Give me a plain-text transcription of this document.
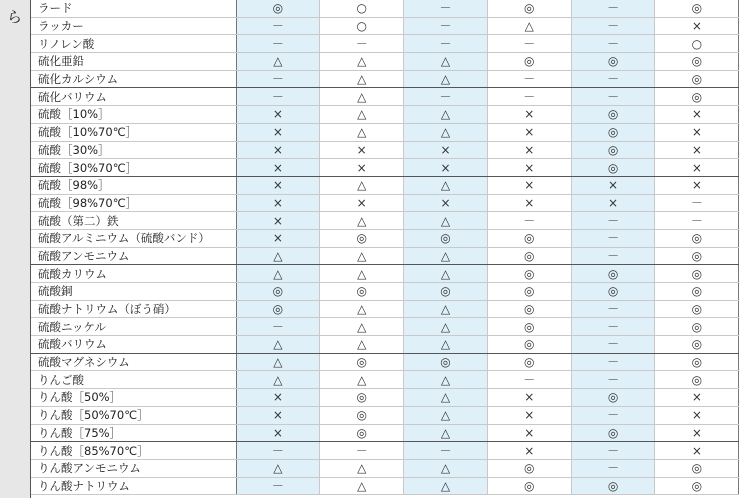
ら ラード	◎	○	－	◎	－	◎
ラッカー	－	○	－	△	－	×
リノレン酸	－	－	－	－	－	○
硫化亜鉛	△	△	△	◎	◎	◎
硫化カルシウム	－	△	△	－	－	◎
硫化バリウム	－	△	－	－	－	◎
硫酸［10%］	×	△	△	×	◎	×
硫酸［10%70℃］	×	△	△	×	◎	×
硫酸［30%］	×	×	×	×	◎	×
硫酸［30%70℃］	×	×	×	×	◎	×
硫酸［98%］	×	△	△	×	×	×
硫酸［98%70℃］	×	×	×	×	×	－
硫酸（第二）鉄	×	△	△	－	－	－
硫酸アルミニウム（硫酸バンド）	×	◎	◎	◎	－	◎
硫酸アンモニウム	△	△	△	◎	－	◎
硫酸カリウム	△	△	△	◎	◎	◎
硫酸銅	◎	◎	◎	◎	◎	◎
硫酸ナトリウム（ぼう硝）	◎	△	△	◎	－	◎
硫酸ニッケル	－	△	△	◎	－	◎
硫酸バリウム	△	△	△	◎	－	◎
硫酸マグネシウム	△	◎	◎	◎	－	◎
りんご酸	△	△	△	－	－	◎
りん酸［50%］	×	◎	△	×	◎	×
りん酸［50%70℃］	×	◎	△	×	－	×
りん酸［75%］	×	◎	△	×	◎	×
りん酸［85%70℃］	－	－	－	×	－	×
りん酸アンモニウム	△	△	△	◎	－	◎
りん酸ナトリウム	－	△	△	◎	◎	◎
